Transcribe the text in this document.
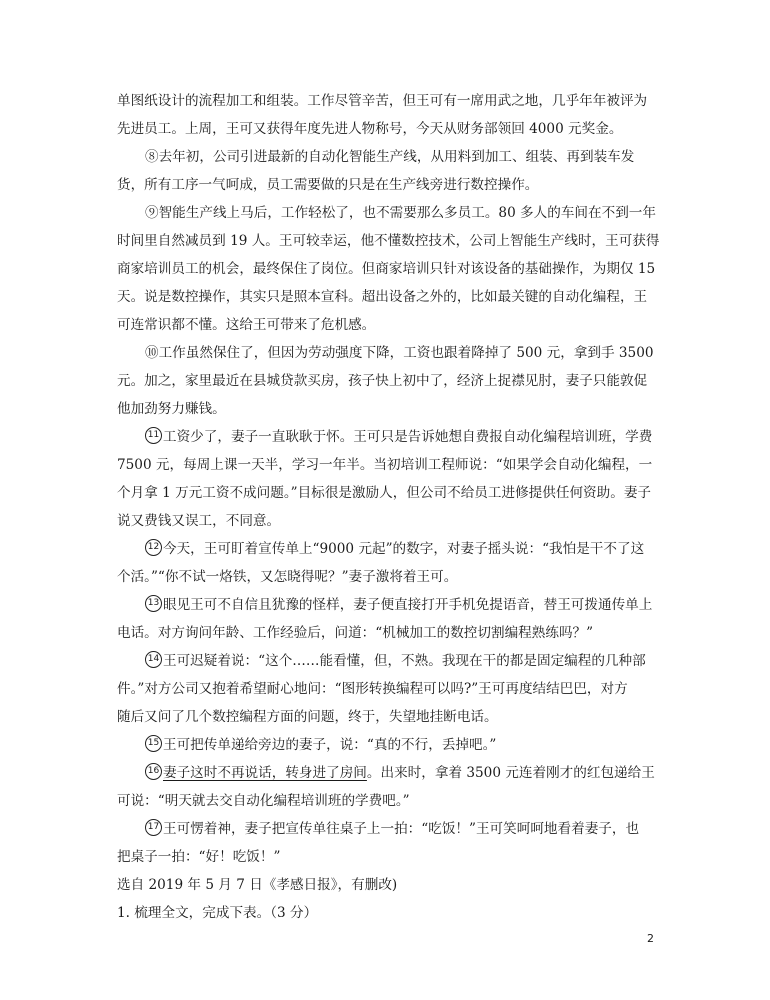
单图纸设计的流程加工和组装。工作尽管辛苦，但王可有一席用武之地，几乎年年被评为
先进员工。上周，王可又获得年度先进人物称号，今天从财务部领回 4000 元奖金。
⑧去年初，公司引进最新的自动化智能生产线，从用料到加工、组装、再到装车发
货，所有工序一气呵成，员工需要做的只是在生产线旁进行数控操作。
⑨智能生产线上马后，工作轻松了，也不需要那么多员工。80 多人的车间在不到一年
时间里自然减员到 19 人。王可较幸运，他不懂数控技术，公司上智能生产线时，王可获得
商家培训员工的机会，最终保住了岗位。但商家培训只针对该设备的基础操作，为期仅 15
天。说是数控操作，其实只是照本宣科。超出设备之外的，比如最关键的自动化编程，王
可连常识都不懂。这给王可带来了危机感。
⑩工作虽然保住了，但因为劳动强度下降，工资也跟着降掉了 500 元，拿到手 3500
元。加之，家里最近在县城贷款买房，孩子快上初中了，经济上捉襟见肘，妻子只能敦促
他加劲努力赚钱。
11 工资少了，妻子一直耿耿于怀。王可只是告诉她想自费报自动化编程培训班，学费
7500 元，每周上课一天半，学习一年半。当初培训工程师说：“如果学会自动化编程，一
个月拿 1 万元工资不成问题。”目标很是激励人，但公司不给员工进修提供任何资助。妻子
说又费钱又误工，不同意。
12 今天，王可盯着宣传单上“9000 元起”的数字，对妻子摇头说：“我怕是干不了这
个活。”“你不试一烙铁，又怎晓得呢？”妻子激将着王可。
13 眼见王可不自信且犹豫的怪样，妻子便直接打开手机免提语音，替王可拨通传单上
电话。对方询问年龄、工作经验后，问道：“机械加工的数控切割编程熟练吗？”
14 王可迟疑着说：“这个……能看懂，但，不熟。我现在干的都是固定编程的几种部
件。”对方公司又抱着希望耐心地问：“图形转换编程可以吗?”王可再度结结巴巴，对方
随后又问了几个数控编程方面的问题，终于，失望地挂断电话。
15 王可把传单递给旁边的妻子，说：“真的不行，丢掉吧。”
16 妻子这时不再说话，转身进了房间。出来时，拿着 3500 元连着刚才的红包递给王
可说：“明天就去交自动化编程培训班的学费吧。”
17 王可愣着神，妻子把宣传单往桌子上一拍：“吃饭！”王可笑呵呵地看着妻子，也
把桌子一拍：“好！吃饭！”
选自 2019 年 5 月 7 日《孝感日报》，有删改)
1. 梳理全文，完成下表。（3 分）
2
